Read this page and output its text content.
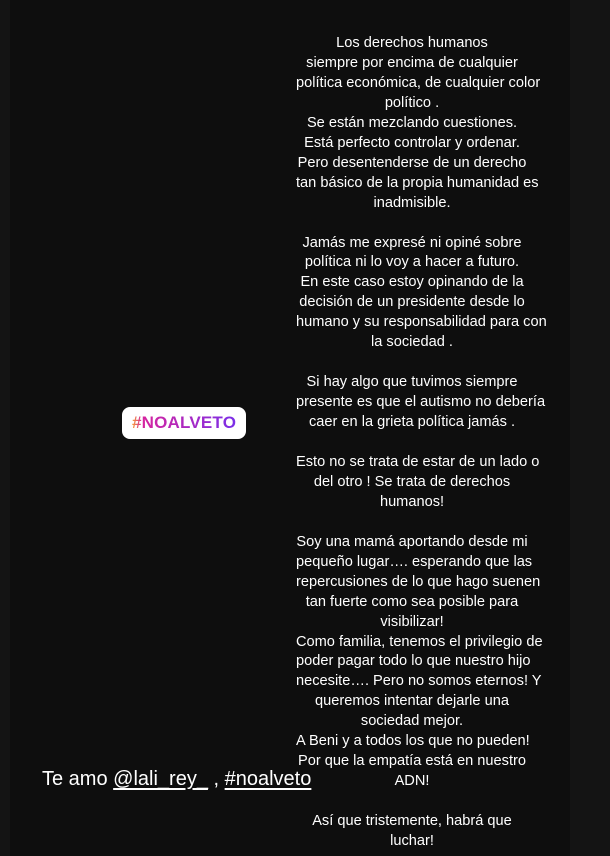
# NOALVETO
Los derechos humanos
siempre por encima de cualquier
política económica, de cualquier color
político .
Se están mezclando cuestiones.
Está perfecto controlar y ordenar.
Pero desentenderse de un derecho
tan básico de la propia humanidad es
inadmisible.
Jamás me expresé ni opiné sobre
política ni lo voy a hacer a futuro.
En este caso estoy opinando de la
decisión de un presidente desde lo
humano y su responsabilidad para con
la sociedad .
Si hay algo que tuvimos siempre
presente es que el autismo no debería
caer en la grieta política jamás .
Esto no se trata de estar de un lado o
del otro ! Se trata de derechos
humanos!
Soy una mamá aportando desde mi
pequeño lugar…. esperando que las
repercusiones de lo que hago suenen
tan fuerte como sea posible para
visibilizar!
Como familia, tenemos el privilegio de
poder pagar todo lo que nuestro hijo
necesite…. Pero no somos eternos! Y
queremos intentar dejarle una
sociedad mejor.
A Beni y a todos los que no pueden!
Por que la empatía está en nuestro
ADN!
Así que tristemente, habrá que
luchar!
Te amo @lali_rey_ , #noalveto
